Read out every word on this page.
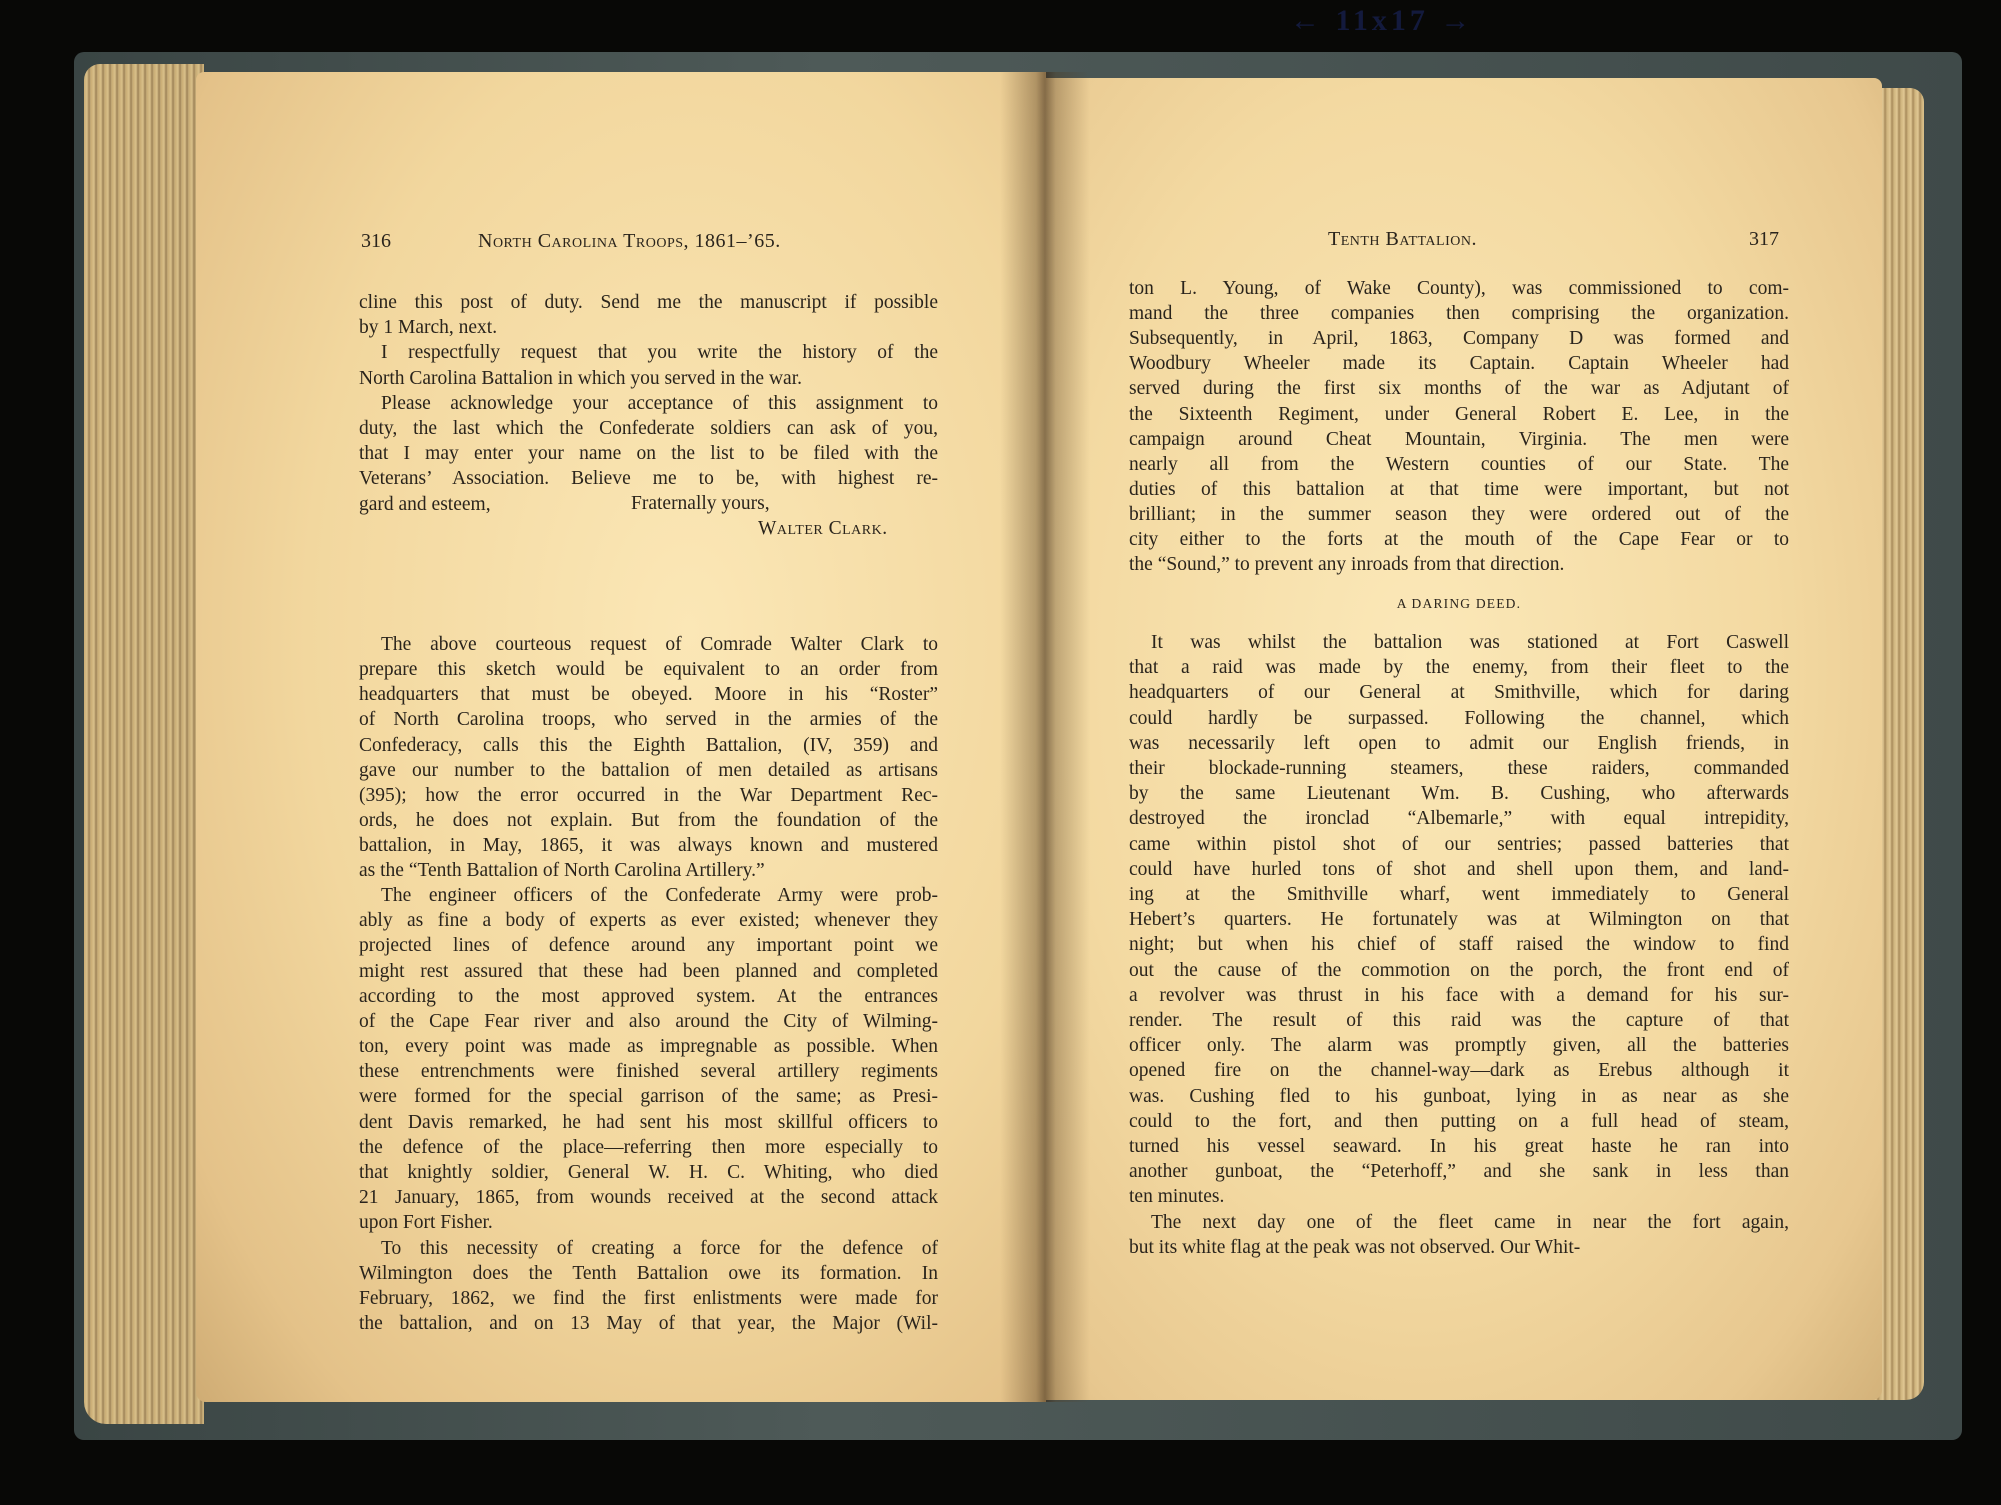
← 11x17 →
316	North Carolina Troops, 1861–’65.
cline this post of duty. Send me the manuscript if possible
by 1 March, next.
I respectfully request that you write the history of the
North Carolina Battalion in which you served in the war.
Please acknowledge your acceptance of this assignment to
duty, the last which the Confederate soldiers can ask of you,
that I may enter your name on the list to be filed with the
Veterans’ Association. Believe me to be, with highest re-
gard and esteem,
The above courteous request of Comrade Walter Clark to
prepare this sketch would be equivalent to an order from
headquarters that must be obeyed. Moore in his “Roster”
of North Carolina troops, who served in the armies of the
Confederacy, calls this the Eighth Battalion, (IV, 359) and
gave our number to the battalion of men detailed as artisans
(395); how the error occurred in the War Department Rec-
ords, he does not explain. But from the foundation of the
battalion, in May, 1865, it was always known and mustered
as the “Tenth Battalion of North Carolina Artillery.”
The engineer officers of the Confederate Army were prob-
ably as fine a body of experts as ever existed; whenever they
projected lines of defence around any important point we
might rest assured that these had been planned and completed
according to the most approved system. At the entrances
of the Cape Fear river and also around the City of Wilming-
ton, every point was made as impregnable as possible. When
these entrenchments were finished several artillery regiments
were formed for the special garrison of the same; as Presi-
dent Davis remarked, he had sent his most skillful officers to
the defence of the place—referring then more especially to
that knightly soldier, General W. H. C. Whiting, who died
21 January, 1865, from wounds received at the second attack
upon Fort Fisher.
To this necessity of creating a force for the defence of
Wilmington does the Tenth Battalion owe its formation. In
February, 1862, we find the first enlistments were made for
the battalion, and on 13 May of that year, the Major (Wil-
Fraternally yours,
Walter Clark.
Tenth Battalion.	317
ton L. Young, of Wake County), was commissioned to com-
mand the three companies then comprising the organization.
Subsequently, in April, 1863, Company D was formed and
Woodbury Wheeler made its Captain. Captain Wheeler had
served during the first six months of the war as Adjutant of
the Sixteenth Regiment, under General Robert E. Lee, in the
campaign around Cheat Mountain, Virginia. The men were
nearly all from the Western counties of our State. The
duties of this battalion at that time were important, but not
brilliant; in the summer season they were ordered out of the
city either to the forts at the mouth of the Cape Fear or to
the “Sound,” to prevent any inroads from that direction.
A DARING DEED.
It was whilst the battalion was stationed at Fort Caswell
that a raid was made by the enemy, from their fleet to the
headquarters of our General at Smithville, which for daring
could hardly be surpassed. Following the channel, which
was necessarily left open to admit our English friends, in
their blockade-running steamers, these raiders, commanded
by the same Lieutenant Wm. B. Cushing, who afterwards
destroyed the ironclad “Albemarle,” with equal intrepidity,
came within pistol shot of our sentries; passed batteries that
could have hurled tons of shot and shell upon them, and land-
ing at the Smithville wharf, went immediately to General
Hebert’s quarters. He fortunately was at Wilmington on that
night; but when his chief of staff raised the window to find
out the cause of the commotion on the porch, the front end of
a revolver was thrust in his face with a demand for his sur-
render. The result of this raid was the capture of that
officer only. The alarm was promptly given, all the batteries
opened fire on the channel-way—dark as Erebus although it
was. Cushing fled to his gunboat, lying in as near as she
could to the fort, and then putting on a full head of steam,
turned his vessel seaward. In his great haste he ran into
another gunboat, the “Peterhoff,” and she sank in less than
ten minutes.
The next day one of the fleet came in near the fort again,
but its white flag at the peak was not observed. Our Whit-
